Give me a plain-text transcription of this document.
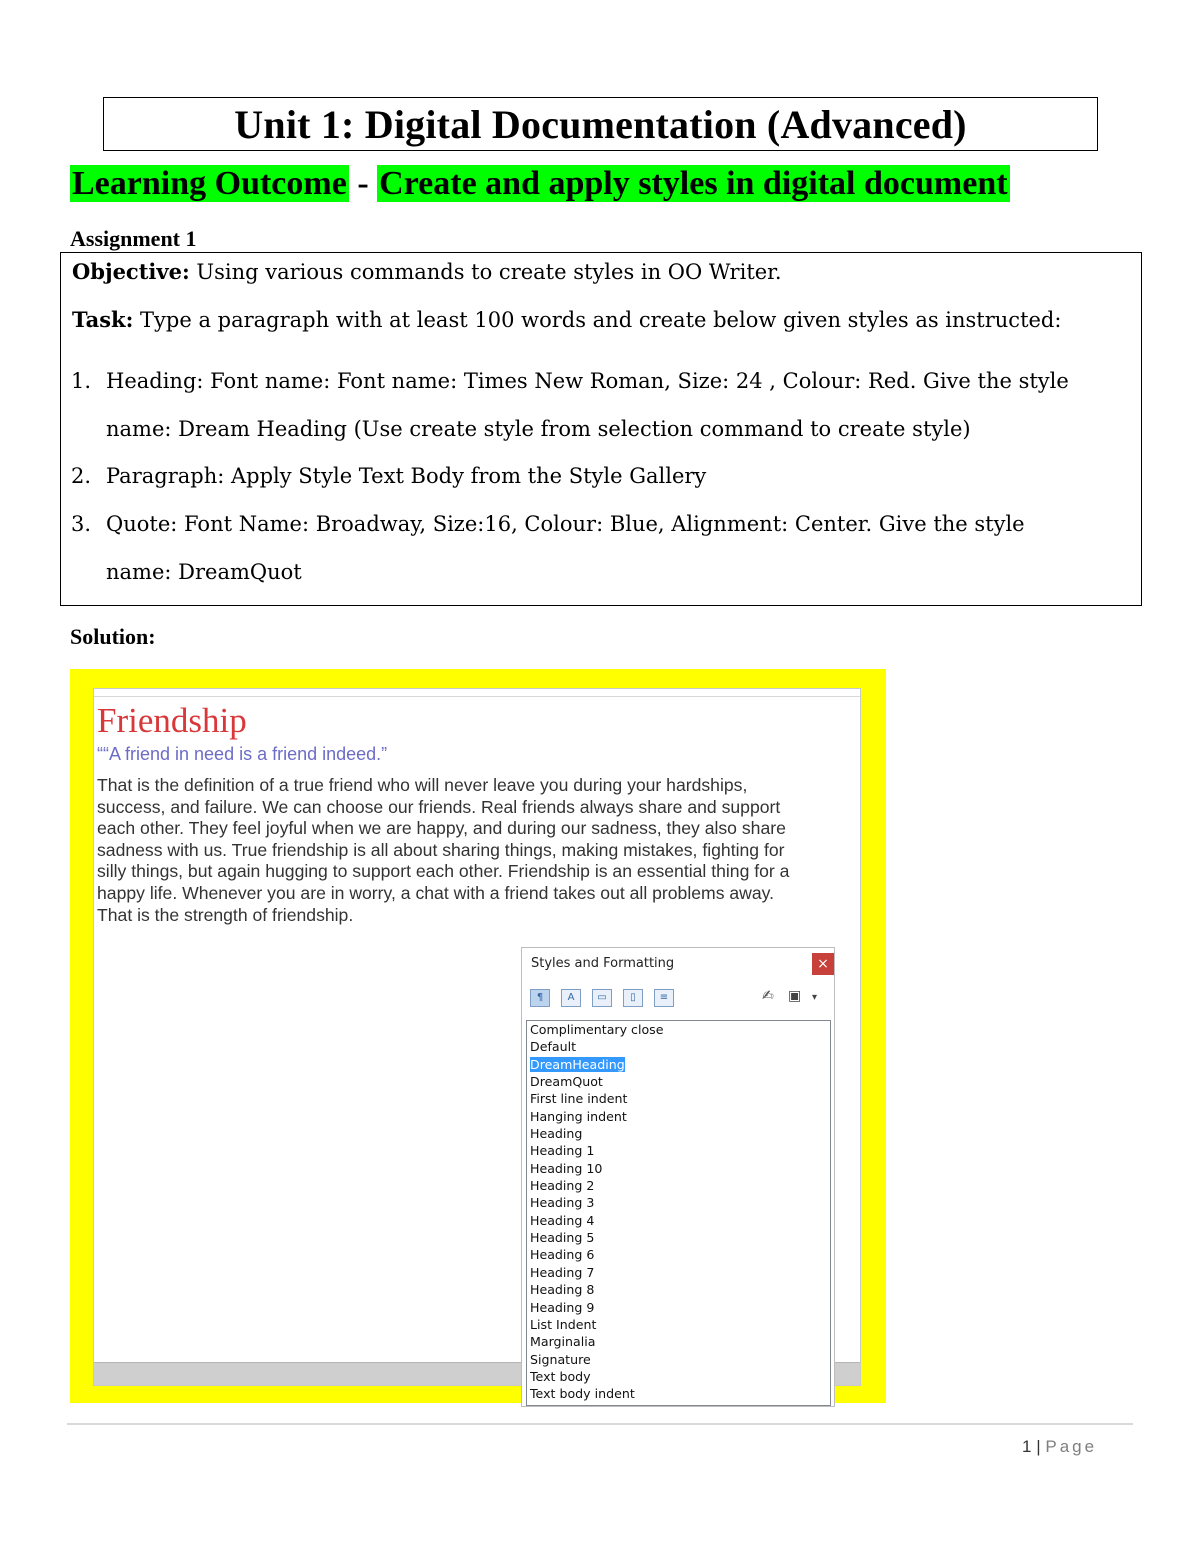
Unit 1: Digital Documentation (Advanced)
Learning Outcome - Create and apply styles in digital document
Assignment 1

Objective: Using various commands to create styles in OO Writer.

Task: Type a paragraph with at least 100 words and create below given styles as instructed:

1. Heading: Font name: Font name: Times New Roman, Size: 24 , Colour: Red. Give the style
name: Dream Heading (Use create style from selection command to create style)
2. Paragraph: Apply Style Text Body from the Style Gallery
3. Quote: Font Name: Broadway, Size:16, Colour: Blue, Alignment: Center. Give the style
name: DreamQuot
Solution:
Friendship
““A friend in need is a friend indeed.”
That is the definition of a true friend who will never leave you during your hardships,
success, and failure. We can choose our friends. Real friends always share and support
each other. They feel joyful when we are happy, and during our sadness, they also share
sadness with us. True friendship is all about sharing things, making mistakes, fighting for
silly things, but again hugging to support each other. Friendship is an essential thing for a
happy life. Whenever you are in worry, a chat with a friend takes out all problems away.
That is the strength of friendship.
Styles and Formatting	×
¶	A	▭	▯	≡	✍ ▣ ▾
Complimentary close
Default
DreamHeading
DreamQuot
First line indent
Hanging indent
Heading
Heading 1
Heading 10
Heading 2
Heading 3
Heading 4
Heading 5
Heading 6
Heading 7
Heading 8
Heading 9
List Indent
Marginalia
Signature
Text body
Text body indent
1 | Page
